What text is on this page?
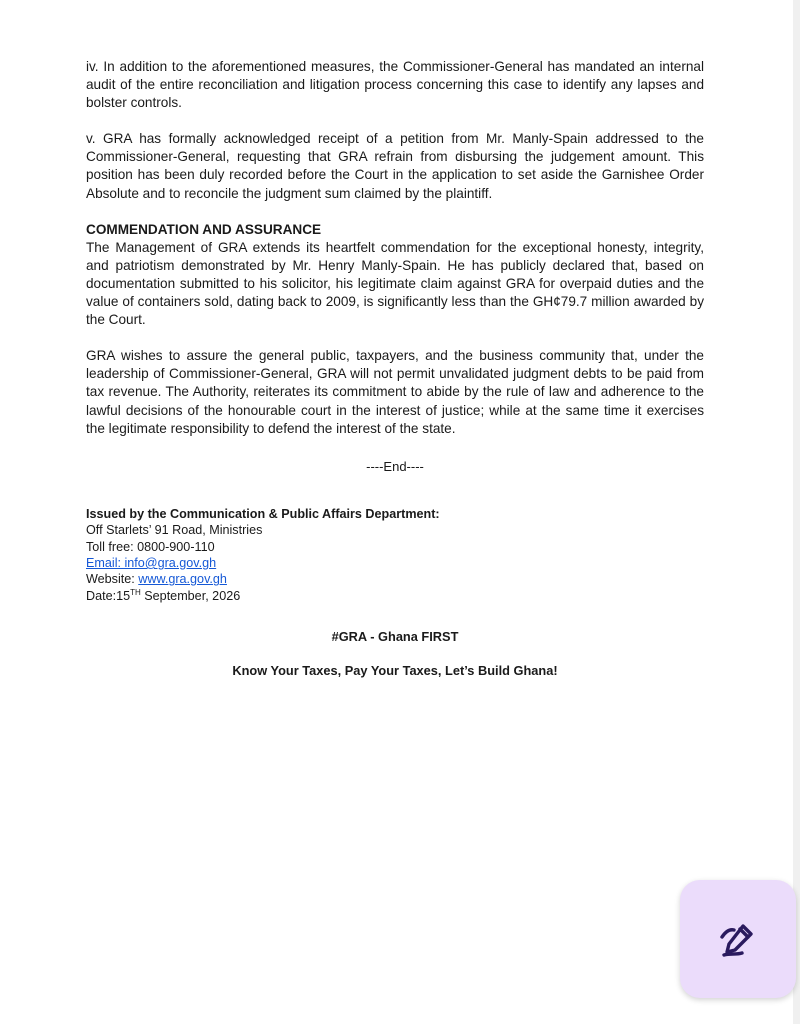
iv. In addition to the aforementioned measures, the Commissioner-General has mandated an internal audit of the entire reconciliation and litigation process concerning this case to identify any lapses and bolster controls.

v. GRA has formally acknowledged receipt of a petition from Mr. Manly-Spain addressed to the Commissioner-General, requesting that GRA refrain from disbursing the judgement amount. This position has been duly recorded before the Court in the application to set aside the Garnishee Order Absolute and to reconcile the judgment sum claimed by the plaintiff.

COMMENDATION AND ASSURANCE

The Management of GRA extends its heartfelt commendation for the exceptional honesty, integrity, and patriotism demonstrated by Mr. Henry Manly-Spain. He has publicly declared that, based on documentation submitted to his solicitor, his legitimate claim against GRA for overpaid duties and the value of containers sold, dating back to 2009, is significantly less than the GH¢79.7 million awarded by the Court.

GRA wishes to assure the general public, taxpayers, and the business community that, under the leadership of Commissioner-General, GRA will not permit unvalidated judgment debts to be paid from tax revenue. The Authority, reiterates its commitment to abide by the rule of law and adherence to the lawful decisions of the honourable court in the interest of justice; while at the same time it exercises the legitimate responsibility to defend the interest of the state.

----End----
Issued by the Communication & Public Affairs Department:
Off Starlets’ 91 Road, Ministries
Toll free: 0800-900-110
Email: info@gra.gov.gh
Website: www.gra.gov.gh
Date:15TH September, 2026
#GRA - Ghana FIRST
Know Your Taxes, Pay Your Taxes, Let’s Build Ghana!
